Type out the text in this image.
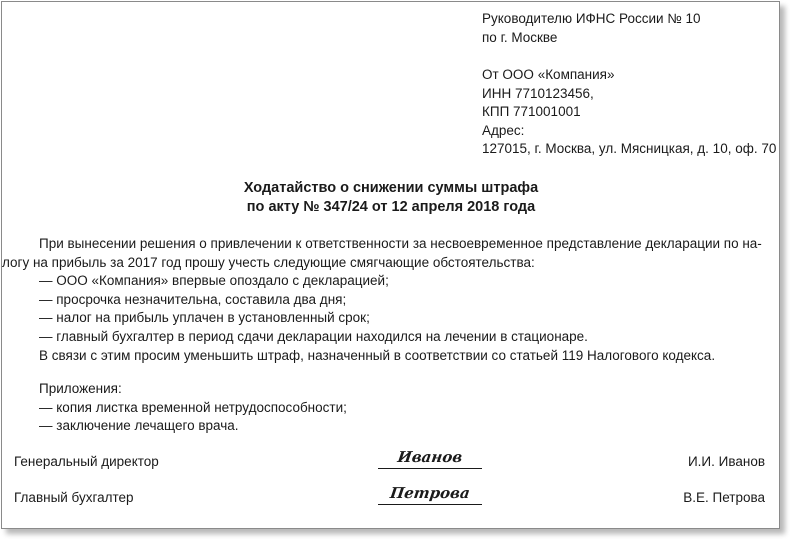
Руководителю ИФНС России № 10
по г. Москве
От ООО «Компания»
ИНН 7710123456,
КПП 771001001
Адрес:
127015, г. Москва, ул. Мясницкая, д. 10, оф. 70
Ходатайство о снижении суммы штрафа
по акту № 347/24 от 12 апреля 2018 года

При вынесении решения о привлечении к ответственности за несвоевременное представление декларации по на-

логу на прибыль за 2017 год прошу учесть следующие смягчающие обстоятельства:

— ООО «Компания» впервые опоздало с декларацией;

— просрочка незначительна, составила два дня;

— налог на прибыль уплачен в установленный срок;

— главный бухгалтер в период сдачи декларации находился на лечении в стационаре.

В связи с этим просим уменьшить штраф, назначенный в соответствии со статьей 119 Налогового кодекса.

Приложения:

— копия листка временной нетрудоспособности;

— заключение лечащего врача.

Генеральный директор	Иванов	И.И. Иванов
Главный бухгалтер	Петрова	В.Е. Петрова
